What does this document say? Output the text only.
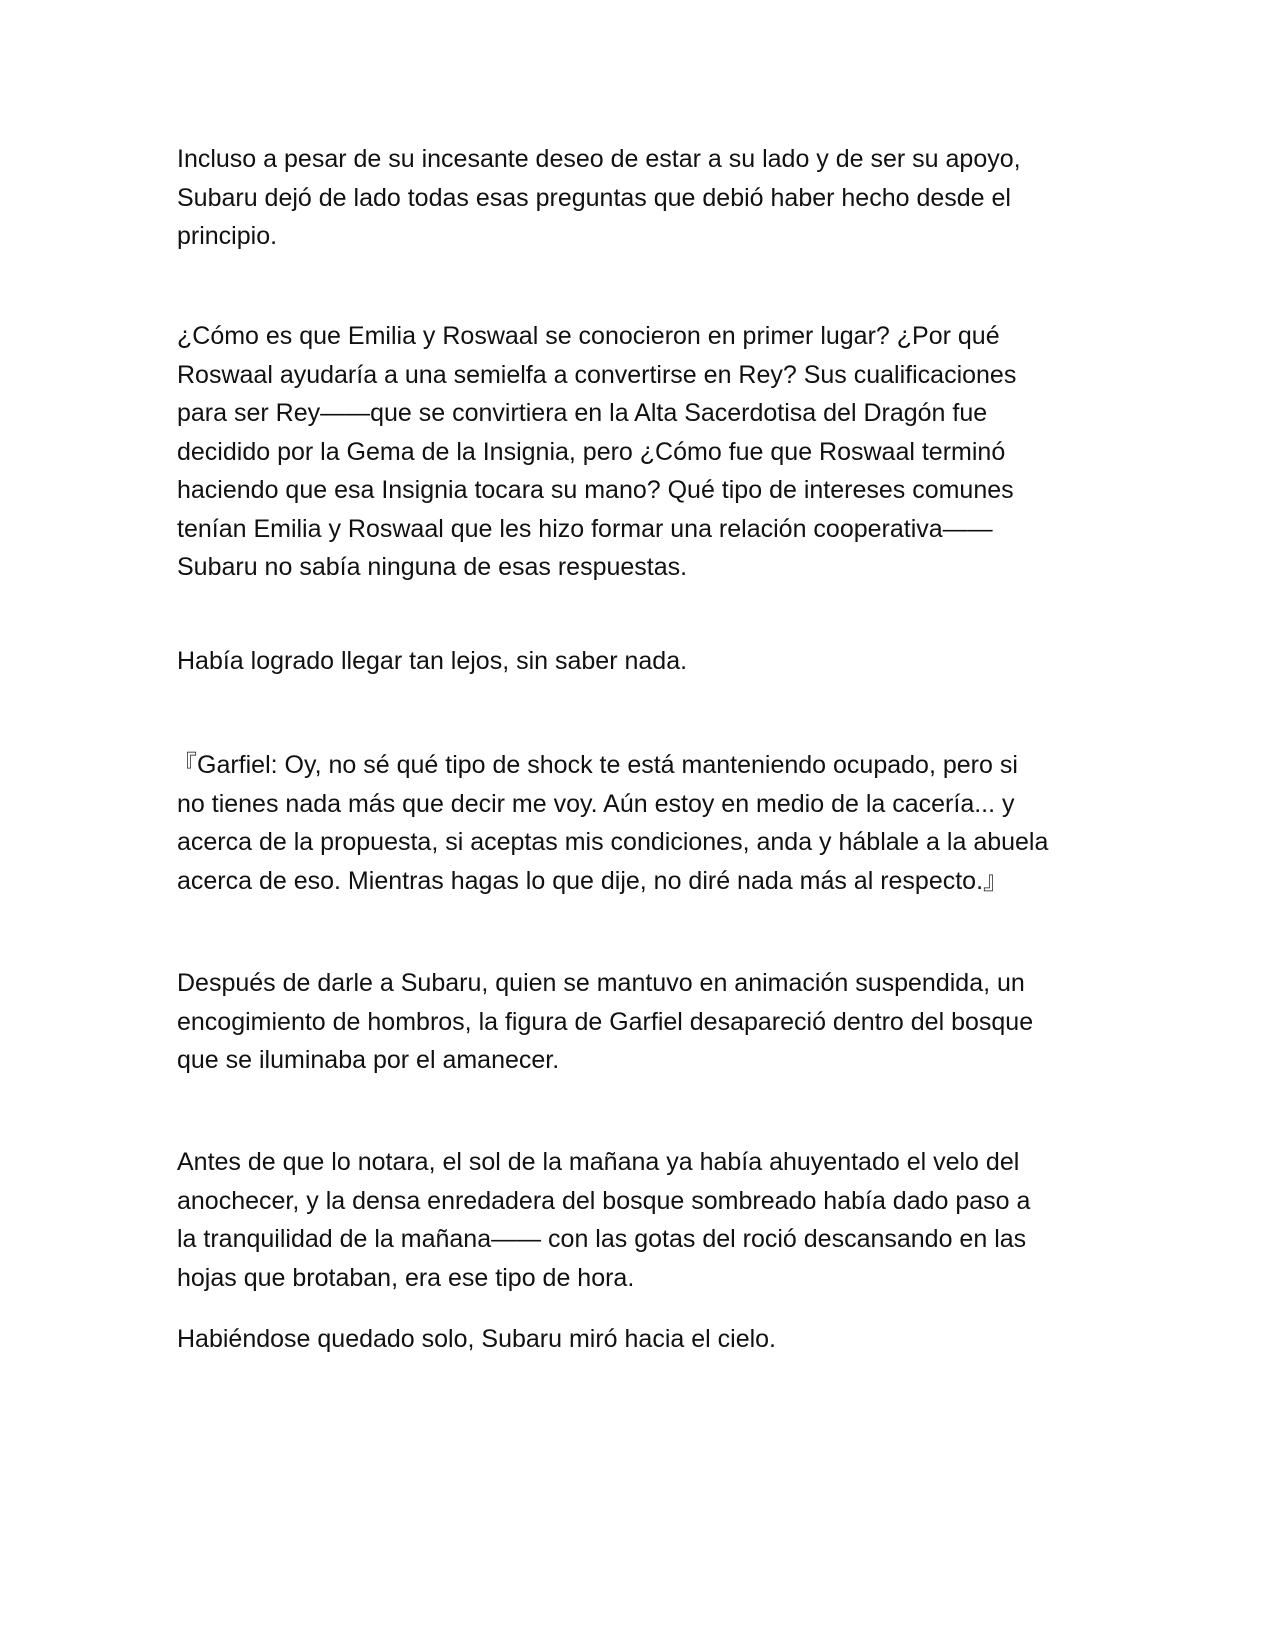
Incluso a pesar de su incesante deseo de estar a su lado y de ser su apoyo,
Subaru dejó de lado todas esas preguntas que debió haber hecho desde el
principio.

¿Cómo es que Emilia y Roswaal se conocieron en primer lugar? ¿Por qué
Roswaal ayudaría a una semielfa a convertirse en Rey? Sus cualificaciones
para ser Rey——que se convirtiera en la Alta Sacerdotisa del Dragón fue
decidido por la Gema de la Insignia, pero ¿Cómo fue que Roswaal terminó
haciendo que esa Insignia tocara su mano? Qué tipo de intereses comunes
tenían Emilia y Roswaal que les hizo formar una relación cooperativa——
Subaru no sabía ninguna de esas respuestas.

Había logrado llegar tan lejos, sin saber nada.

『Garfiel: Oy, no sé qué tipo de shock te está manteniendo ocupado, pero si
no tienes nada más que decir me voy. Aún estoy en medio de la cacería... y
acerca de la propuesta, si aceptas mis condiciones, anda y háblale a la abuela
acerca de eso. Mientras hagas lo que dije, no diré nada más al respecto.』

Después de darle a Subaru, quien se mantuvo en animación suspendida, un
encogimiento de hombros, la figura de Garfiel desapareció dentro del bosque
que se iluminaba por el amanecer.

Antes de que lo notara, el sol de la mañana ya había ahuyentado el velo del
anochecer, y la densa enredadera del bosque sombreado había dado paso a
la tranquilidad de la mañana—— con las gotas del roció descansando en las
hojas que brotaban, era ese tipo de hora.

Habiéndose quedado solo, Subaru miró hacia el cielo.
